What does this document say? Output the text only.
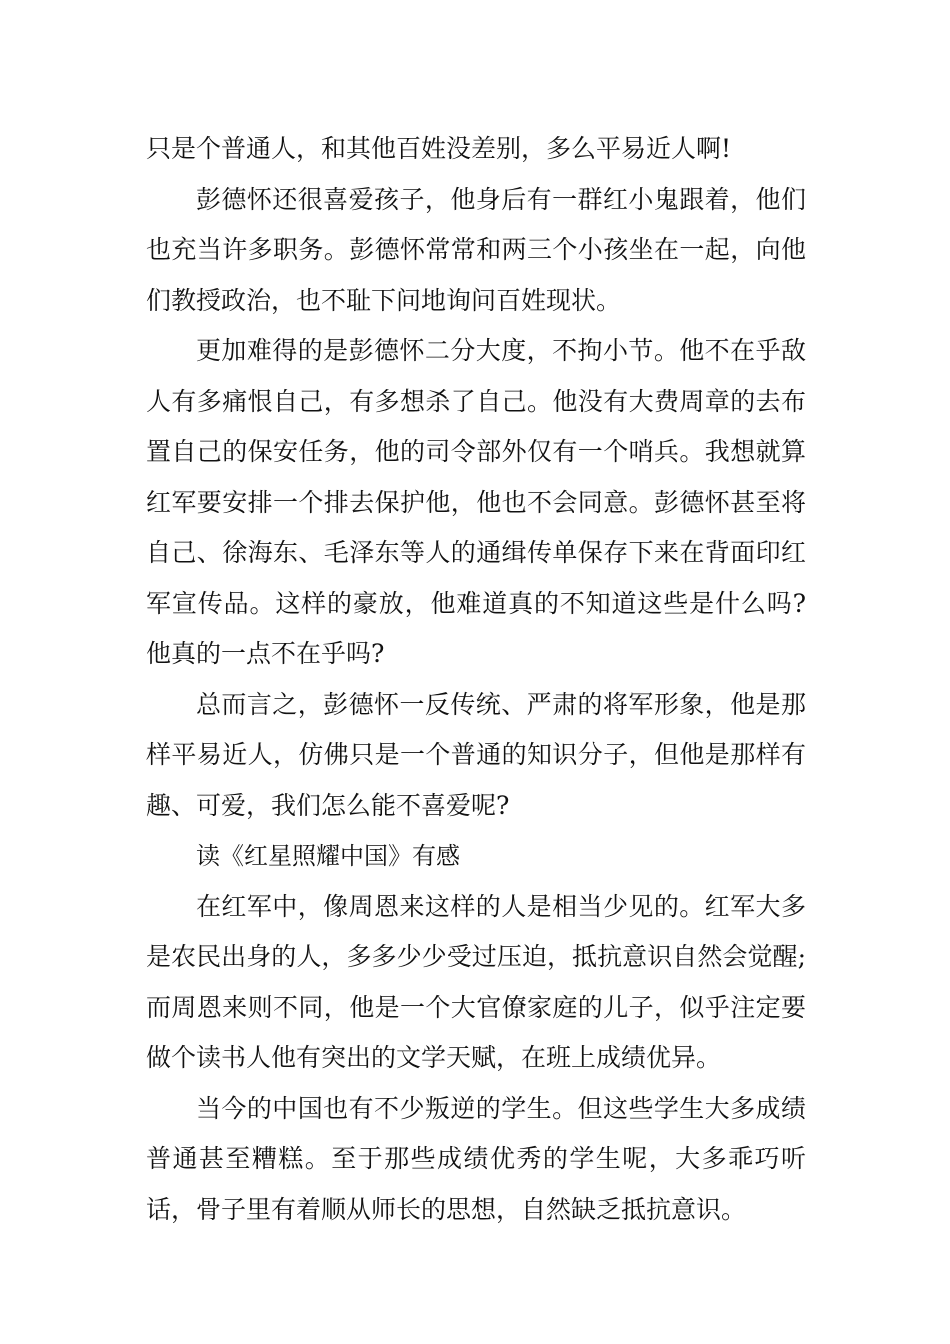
只是个普通人，和其他百姓没差别，多么平易近人啊!

彭德怀还很喜爱孩子，他身后有一群红小鬼跟着，他们也充当许多职务。彭德怀常常和两三个小孩坐在一起，向他们教授政治，也不耻下问地询问百姓现状。

更加难得的是彭德怀二分大度，不拘小节。他不在乎敌人有多痛恨自己，有多想杀了自己。他没有大费周章的去布置自己的保安任务，他的司令部外仅有一个哨兵。我想就算红军要安排一个排去保护他，他也不会同意。彭德怀甚至将自己、徐海东、毛泽东等人的通缉传单保存下来在背面印红军宣传品。这样的豪放，他难道真的不知道这些是什么吗?他真的一点不在乎吗?

总而言之，彭德怀一反传统、严肃的将军形象，他是那样平易近人，仿佛只是一个普通的知识分子，但他是那样有趣、可爱，我们怎么能不喜爱呢?

读《红星照耀中国》有感

在红军中，像周恩来这样的人是相当少见的。红军大多是农民出身的人，多多少少受过压迫，抵抗意识自然会觉醒;而周恩来则不同，他是一个大官僚家庭的儿子，似乎注定要做个读书人他有突出的文学天赋，在班上成绩优异。

当今的中国也有不少叛逆的学生。但这些学生大多成绩普通甚至糟糕。至于那些成绩优秀的学生呢，大多乖巧听话，骨子里有着顺从师长的思想，自然缺乏抵抗意识。
